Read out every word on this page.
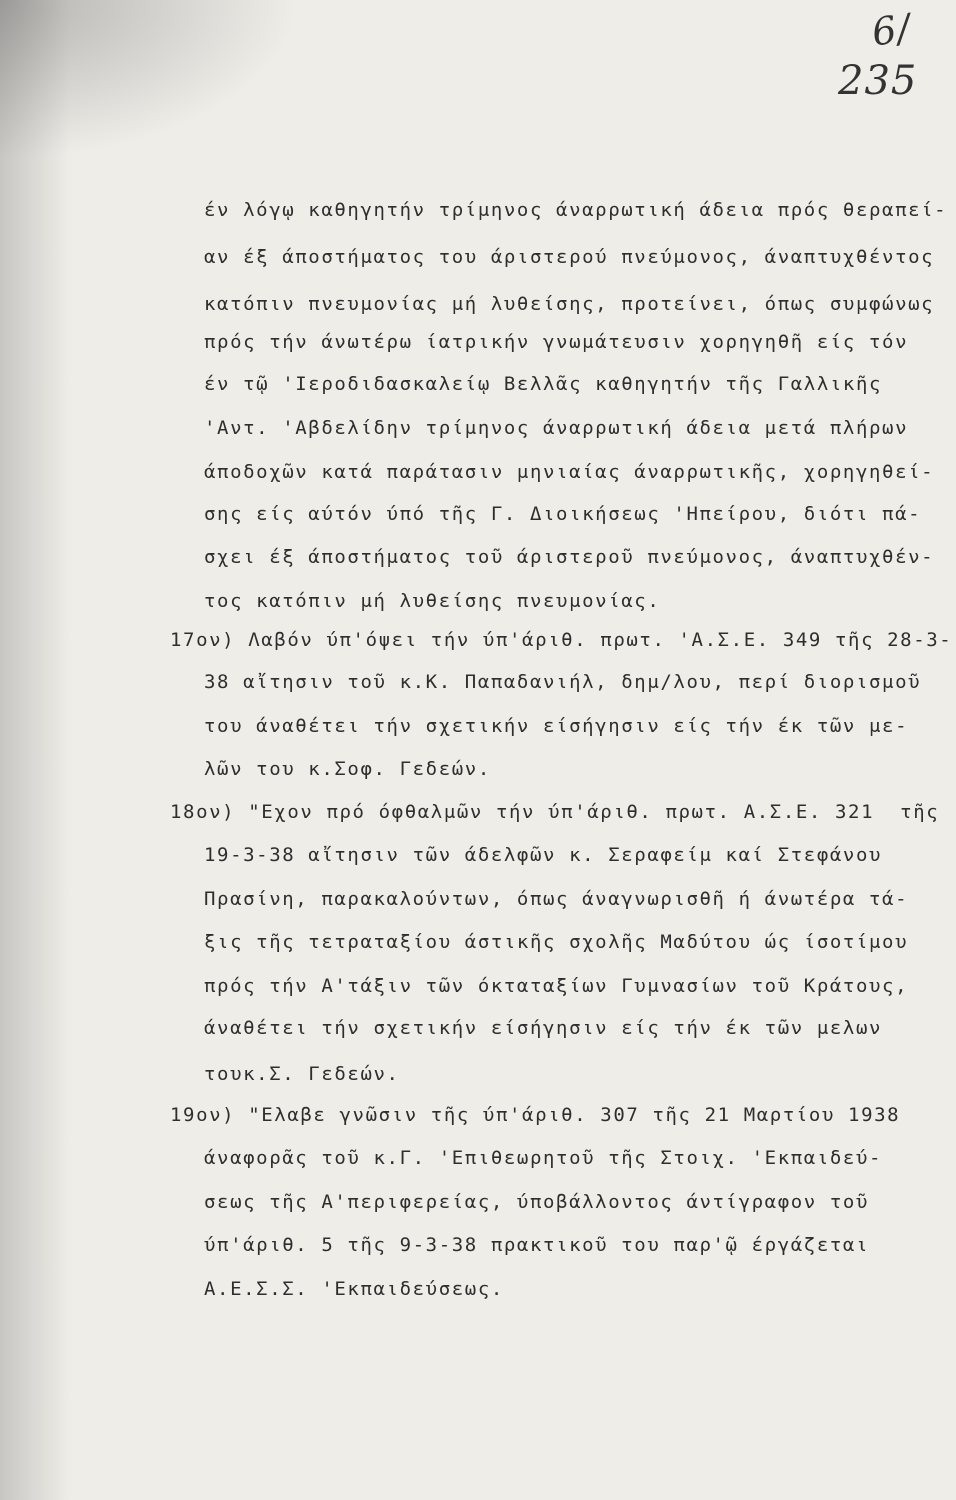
6/
235
έν λόγῳ καθηγητήν τρίμηνος άναρρωτική άδεια πρός θεραπεί-
αν έξ άποστήματος του άριστερού πνεύμονος, άναπτυχθέντος
κατόπιν πνευμονίας μή λυθείσης, προτείνει, όπως συμφώνως
πρός τήν άνωτέρω ίατρικήν γνωμάτευσιν χορηγηθῆ είς τόν
έν τῷ 'Ιεροδιδασκαλείῳ Βελλᾶς καθηγητήν τῆς Γαλλικῆς
'Αντ. 'Αβδελίδην τρίμηνος άναρρωτική άδεια μετά πλήρων
άποδοχῶν κατά παράτασιν μηνιαίας άναρρωτικῆς, χορηγηθεί-
σης είς αύτόν ύπό τῆς Γ. Διοικήσεως 'Ηπείρου, διότι πά-
σχει έξ άποστήματος τοῦ άριστεροῦ πνεύμονος, άναπτυχθέν-
τος κατόπιν μή λυθείσης πνευμονίας.
17ον) Λαβόν ύπ'όψει τήν ύπ'άριθ. πρωτ. 'Α.Σ.Ε. 349 τῆς 28-3-
38 αἴτησιν τοῦ κ.Κ. Παπαδανιήλ, δημ/λου, περί διορισμοῦ
του άναθέτει τήν σχετικήν είσήγησιν είς τήν έκ τῶν με-
λῶν του κ.Σοφ. Γεδεών.
18ον) "Εχον πρό όφθαλμῶν τήν ύπ'άριθ. πρωτ. Α.Σ.Ε. 321  τῆς
19-3-38 αἴτησιν τῶν άδελφῶν κ. Σεραφείμ καί Στεφάνου
Πρασίνη, παρακαλούντων, όπως άναγνωρισθῆ ή άνωτέρα τά-
ξις τῆς τετραταξίου άστικῆς σχολῆς Μαδύτου ώς ίσοτίμου
πρός τήν Α'τάξιν τῶν όκταταξίων Γυμνασίων τοῦ Κράτους,
άναθέτει τήν σχετικήν είσήγησιν είς τήν έκ τῶν μελων
τουκ.Σ. Γεδεών.
19ον) "Ελαβε γνῶσιν τῆς ύπ'άριθ. 307 τῆς 21 Μαρτίου 1938
άναφορᾶς τοῦ κ.Γ. 'Επιθεωρητοῦ τῆς Στοιχ. 'Εκπαιδεύ-
σεως τῆς Α'περιφερείας, ύποβάλλοντος άντίγραφον τοῦ
ύπ'άριθ. 5 τῆς 9-3-38 πρακτικοῦ του παρ'ῷ έργάζεται
Α.Ε.Σ.Σ. 'Εκπαιδεύσεως.
